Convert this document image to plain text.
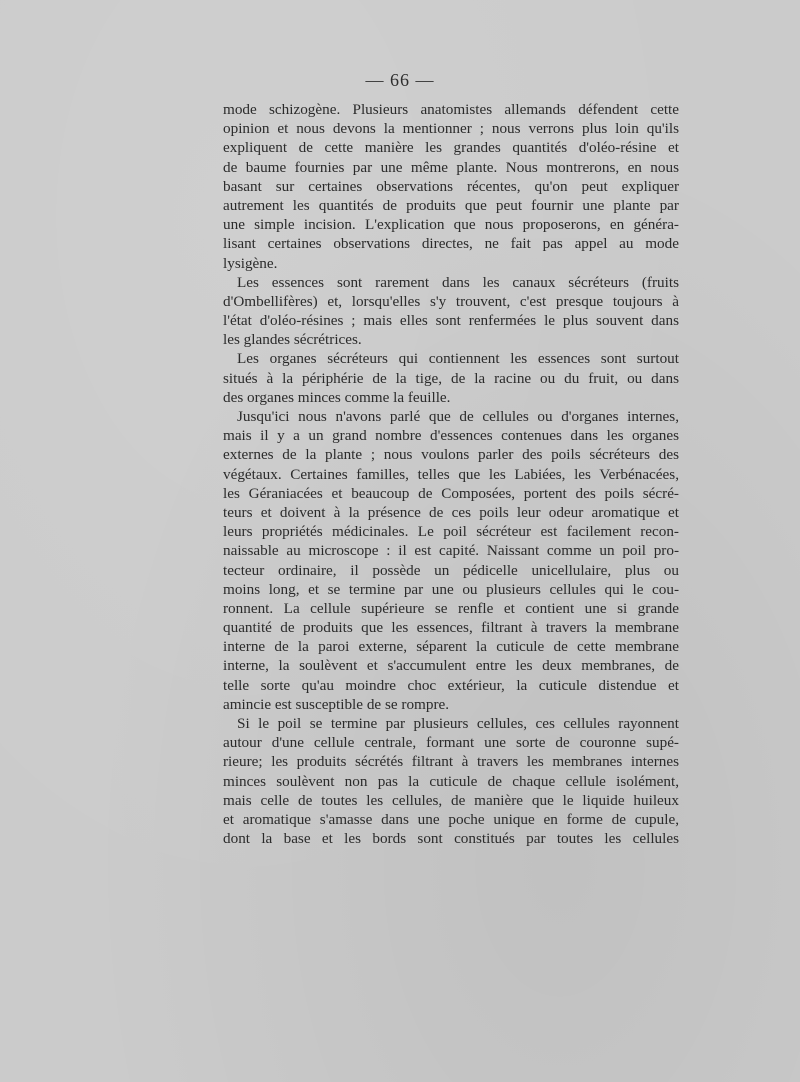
— 66 —
mode schizogène. Plusieurs anatomistes allemands défendent cette
opinion et nous devons la mentionner ; nous verrons plus loin qu'ils
expliquent de cette manière les grandes quantités d'oléo-résine et
de baume fournies par une même plante. Nous montrerons, en nous
basant sur certaines observations récentes, qu'on peut expliquer
autrement les quantités de produits que peut fournir une plante par
une simple incision. L'explication que nous proposerons, en généra-
lisant certaines observations directes, ne fait pas appel au mode
lysigène.
Les essences sont rarement dans les canaux sécréteurs (fruits
d'Ombellifères) et, lorsqu'elles s'y trouvent, c'est presque toujours à
l'état d'oléo-résines ; mais elles sont renfermées le plus souvent dans
les glandes sécrétrices.
Les organes sécréteurs qui contiennent les essences sont surtout
situés à la périphérie de la tige, de la racine ou du fruit, ou dans
des organes minces comme la feuille.
Jusqu'ici nous n'avons parlé que de cellules ou d'organes internes,
mais il y a un grand nombre d'essences contenues dans les organes
externes de la plante ; nous voulons parler des poils sécréteurs des
végétaux. Certaines familles, telles que les Labiées, les Verbénacées,
les Géraniacées et beaucoup de Composées, portent des poils sécré-
teurs et doivent à la présence de ces poils leur odeur aromatique et
leurs propriétés médicinales. Le poil sécréteur est facilement recon-
naissable au microscope : il est capité. Naissant comme un poil pro-
tecteur ordinaire, il possède un pédicelle unicellulaire, plus ou
moins long, et se termine par une ou plusieurs cellules qui le cou-
ronnent. La cellule supérieure se renfle et contient une si grande
quantité de produits que les essences, filtrant à travers la membrane
interne de la paroi externe, séparent la cuticule de cette membrane
interne, la soulèvent et s'accumulent entre les deux membranes, de
telle sorte qu'au moindre choc extérieur, la cuticule distendue et
amincie est susceptible de se rompre.
Si le poil se termine par plusieurs cellules, ces cellules rayonnent
autour d'une cellule centrale, formant une sorte de couronne supé-
rieure; les produits sécrétés filtrant à travers les membranes internes
minces soulèvent non pas la cuticule de chaque cellule isolément,
mais celle de toutes les cellules, de manière que le liquide huileux
et aromatique s'amasse dans une poche unique en forme de cupule,
dont la base et les bords sont constitués par toutes les cellules
